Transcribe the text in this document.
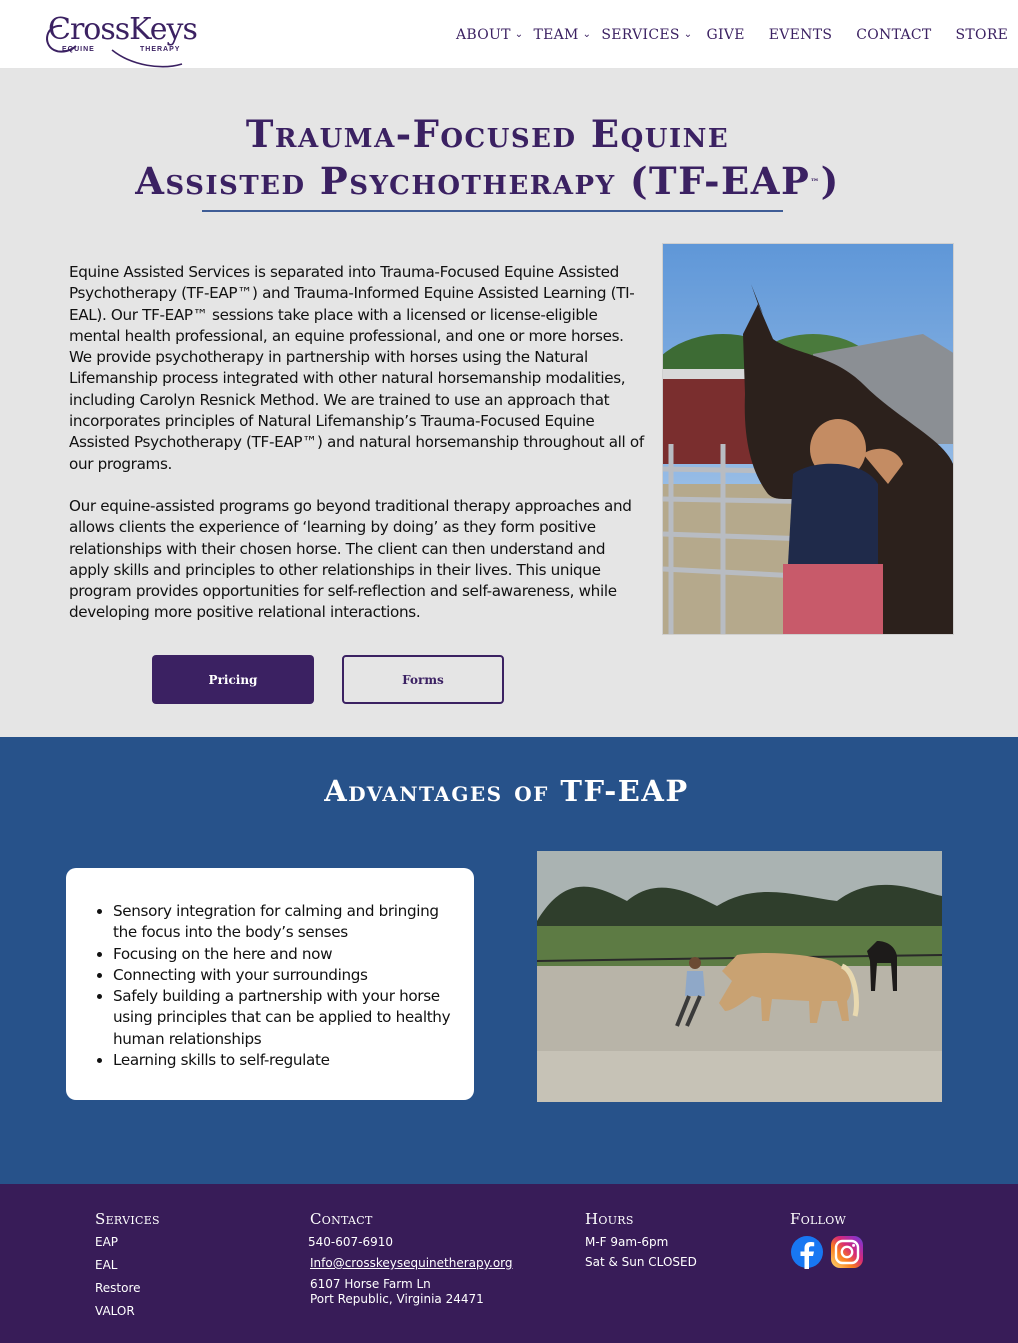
CrossKeys
EQUINE	THERAPY
ABOUT ⌄ TEAM ⌄ SERVICES ⌄ GIVE EVENTS CONTACT STORE
Trauma-Focused Equine
Assisted Psychotherapy (TF-EAP™)

Equine Assisted Services is separated into Trauma-Focused Equine Assisted Psychotherapy (TF-EAP™) and Trauma-Informed Equine Assisted Learning (TI-EAL). Our TF-EAP™ sessions take place with a licensed or license-eligible mental health professional, an equine professional, and one or more horses. We provide psychotherapy in partnership with horses using the Natural Lifemanship process integrated with other natural horsemanship modalities, including Carolyn Resnick Method. We are trained to use an approach that incorporates principles of Natural Lifemanship’s Trauma-Focused Equine Assisted Psychotherapy (TF-EAP™) and natural horsemanship throughout all of our programs.

Our equine-assisted programs go beyond traditional therapy approaches and allows clients the experience of ‘learning by doing’ as they form positive relationships with their chosen horse. The client can then understand and apply skills and principles to other relationships in their lives. This unique program provides opportunities for self-reflection and self-awareness, while developing more positive relational interactions.

Pricing	Forms
Advantages of TF-EAP
• Sensory integration for calming and bringing the focus into the body’s senses
• Focusing on the here and now
• Connecting with your surroundings
• Safely building a partnership with your horse using principles that can be applied to healthy human relationships
• Learning skills to self-regulate
Services
EAP
EAL
Restore
VALOR
Contact
540-607-6910
Info@crosskeysequinetherapy.org
6107 Horse Farm Ln
Port Republic, Virginia 24471
Hours
M-F 9am-6pm
Sat & Sun CLOSED
Follow
